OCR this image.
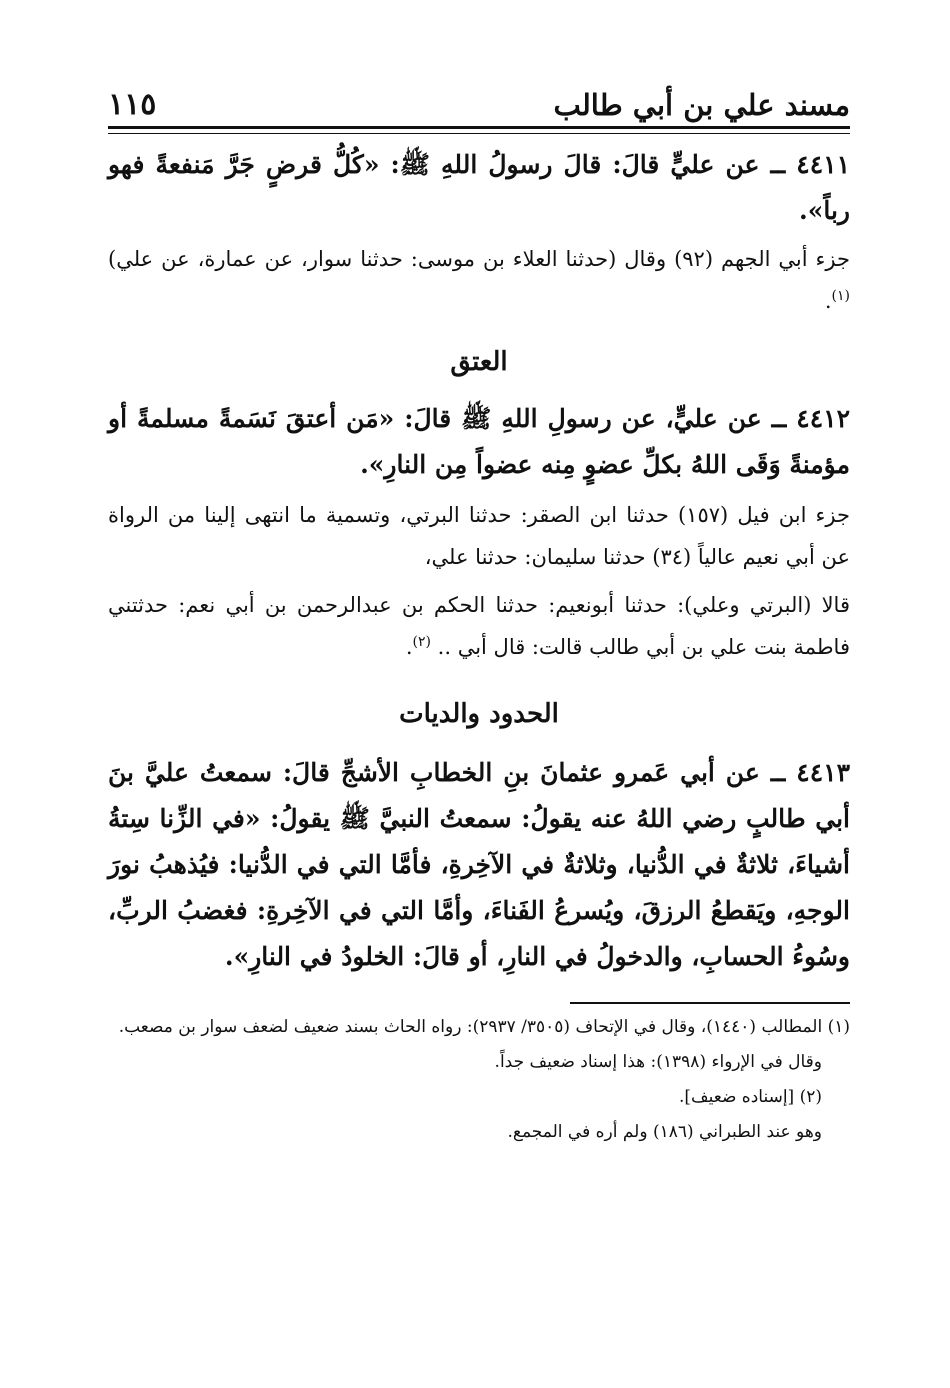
مسند علي بن أبي طالب
١١٥

٤٤١١ ــ عن عليٍّ قالَ: قالَ رسولُ اللهِ ﷺ: «كُلُّ قرضٍ جَرَّ مَنفعةً فهو رباً».

جزء أبي الجهم (٩٢) وقال (حدثنا العلاء بن موسى: حدثنا سوار، عن عمارة، عن علي) $^{(١)}$.

العتق

٤٤١٢ ــ عن عليٍّ، عن رسولِ اللهِ ﷺ قالَ: «مَن أعتقَ نَسَمةً مسلمةً أو مؤمنةً وَقَى اللهُ بكلِّ عضوٍ مِنه عضواً مِن النارِ».

جزء ابن فيل (١٥٧) حدثنا ابن الصقر: حدثنا البرتي، وتسمية ما انتهى إلينا من الرواة عن أبي نعيم عالياً (٣٤) حدثنا سليمان: حدثنا علي،

قالا (البرتي وعلي): حدثنا أبونعيم: حدثنا الحكم بن عبدالرحمن بن أبي نعم: حدثتني فاطمة بنت علي بن أبي طالب قالت: قال أبي .. $^{(٢)}$.

الحدود والديات

٤٤١٣ ــ عن أبي عَمرو عثمانَ بنِ الخطابِ الأشجِّ قالَ: سمعتُ عليَّ بنَ أبي طالبٍ رضي اللهُ عنه يقولُ: سمعتُ النبيَّ ﷺ يقولُ: «في الزِّنا سِتةُ أشياءَ، ثلاثةٌ في الدُّنيا، وثلاثةٌ في الآخِرةِ، فأمَّا التي في الدُّنيا: فيُذهبُ نورَ الوجهِ، ويَقطعُ الرزقَ، ويُسرعُ الفَناءَ، وأمَّا التي في الآخِرةِ: فغضبُ الربِّ، وسُوءُ الحسابِ، والدخولُ في النارِ، أو قالَ: الخلودُ في النارِ».

(١) المطالب (١٤٤٠)، وقال في الإتحاف (٣٥٠٥/ ٢٩٣٧): رواه الحاث بسند ضعيف لضعف سوار بن مصعب.

وقال في الإرواء (١٣٩٨): هذا إسناد ضعيف جداً.

(٢) [إسناده ضعيف].

وهو عند الطبراني (١٨٦) ولم أره في المجمع.
